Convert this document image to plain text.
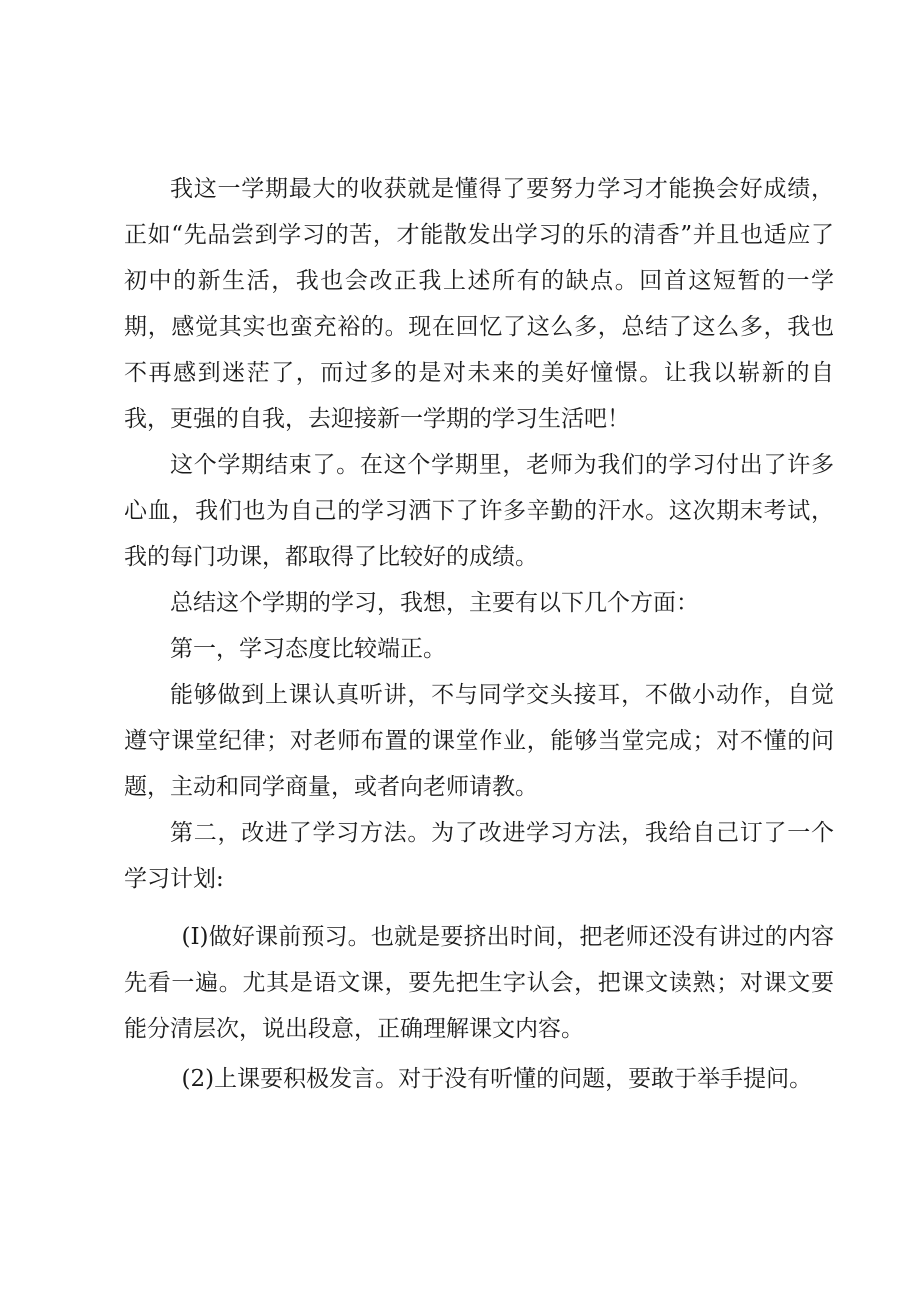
我这一学期最大的收获就是懂得了要努力学习才能换会好成绩，正如“先品尝到学习的苦，才能散发出学习的乐的清香”并且也适应了初中的新生活，我也会改正我上述所有的缺点。回首这短暂的一学期，感觉其实也蛮充裕的。现在回忆了这么多，总结了这么多，我也不再感到迷茫了，而过多的是对未来的美好憧憬。让我以崭新的自我，更强的自我，去迎接新一学期的学习生活吧！

这个学期结束了。在这个学期里，老师为我们的学习付出了许多心血，我们也为自己的学习洒下了许多辛勤的汗水。这次期末考试，我的每门功课，都取得了比较好的成绩。

总结这个学期的学习，我想，主要有以下几个方面：

第一，学习态度比较端正。

能够做到上课认真听讲，不与同学交头接耳，不做小动作，自觉遵守课堂纪律；对老师布置的课堂作业，能够当堂完成；对不懂的问题，主动和同学商量，或者向老师请教。

第二，改进了学习方法。为了改进学习方法，我给自己订了一个学习计划:

(I)做好课前预习。也就是要挤出时间，把老师还没有讲过的内容先看一遍。尤其是语文课，要先把生字认会，把课文读熟；对课文要能分清层次，说出段意，正确理解课文内容。

(2)上课要积极发言。对于没有听懂的问题，要敢于举手提问。
